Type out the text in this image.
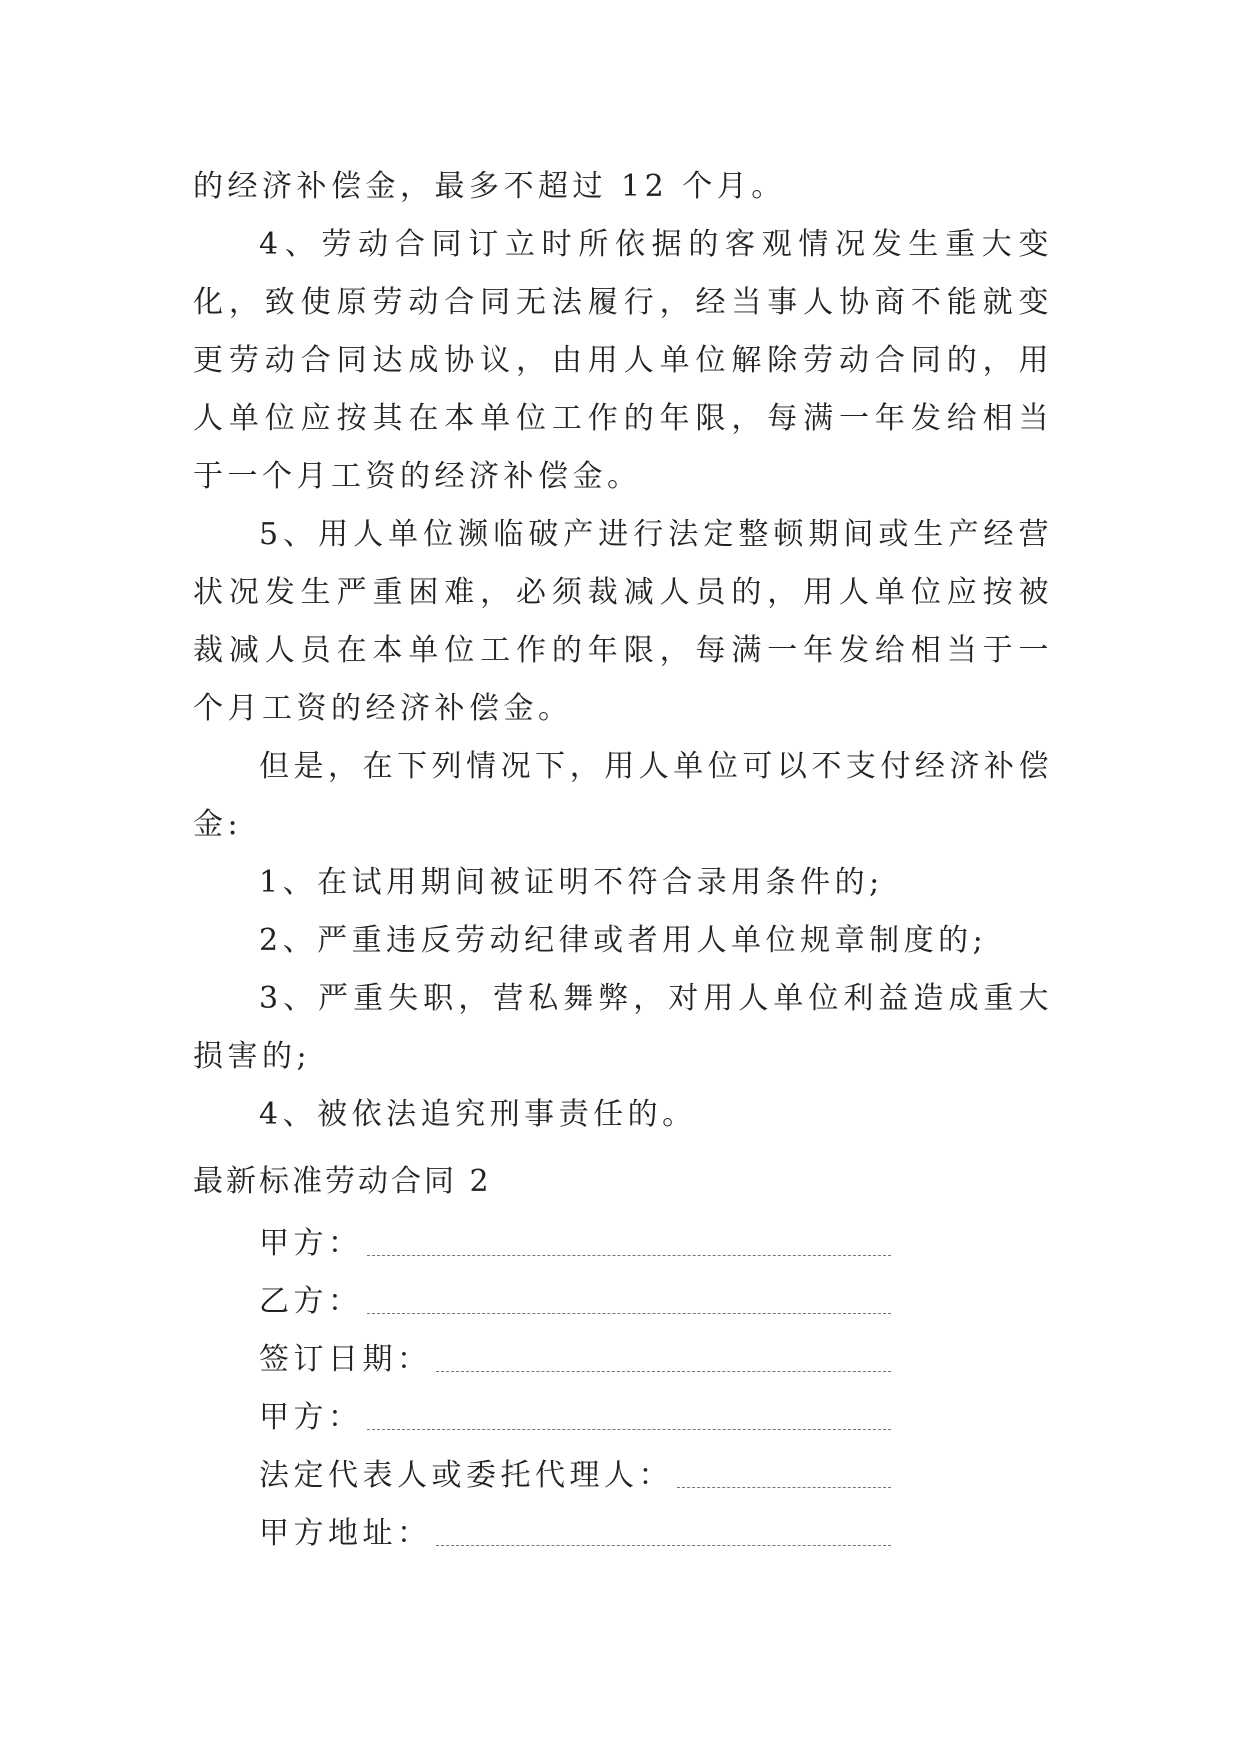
的经济补偿金，最多不超过 12 个月。

4、劳动合同订立时所依据的客观情况发生重大变化，致使原劳动合同无法履行，经当事人协商不能就变更劳动合同达成协议，由用人单位解除劳动合同的，用人单位应按其在本单位工作的年限，每满一年发给相当于一个月工资的经济补偿金。

5、用人单位濒临破产进行法定整顿期间或生产经营状况发生严重困难，必须裁减人员的，用人单位应按被裁减人员在本单位工作的年限，每满一年发给相当于一个月工资的经济补偿金。

但是，在下列情况下，用人单位可以不支付经济补偿金:

1、在试用期间被证明不符合录用条件的;

2、严重违反劳动纪律或者用人单位规章制度的;

3、严重失职，营私舞弊，对用人单位利益造成重大损害的;

4、被依法追究刑事责任的。

最新标准劳动合同 2
甲方：
乙方：
签订日期：
甲方：
法定代表人或委托代理人：
甲方地址：
